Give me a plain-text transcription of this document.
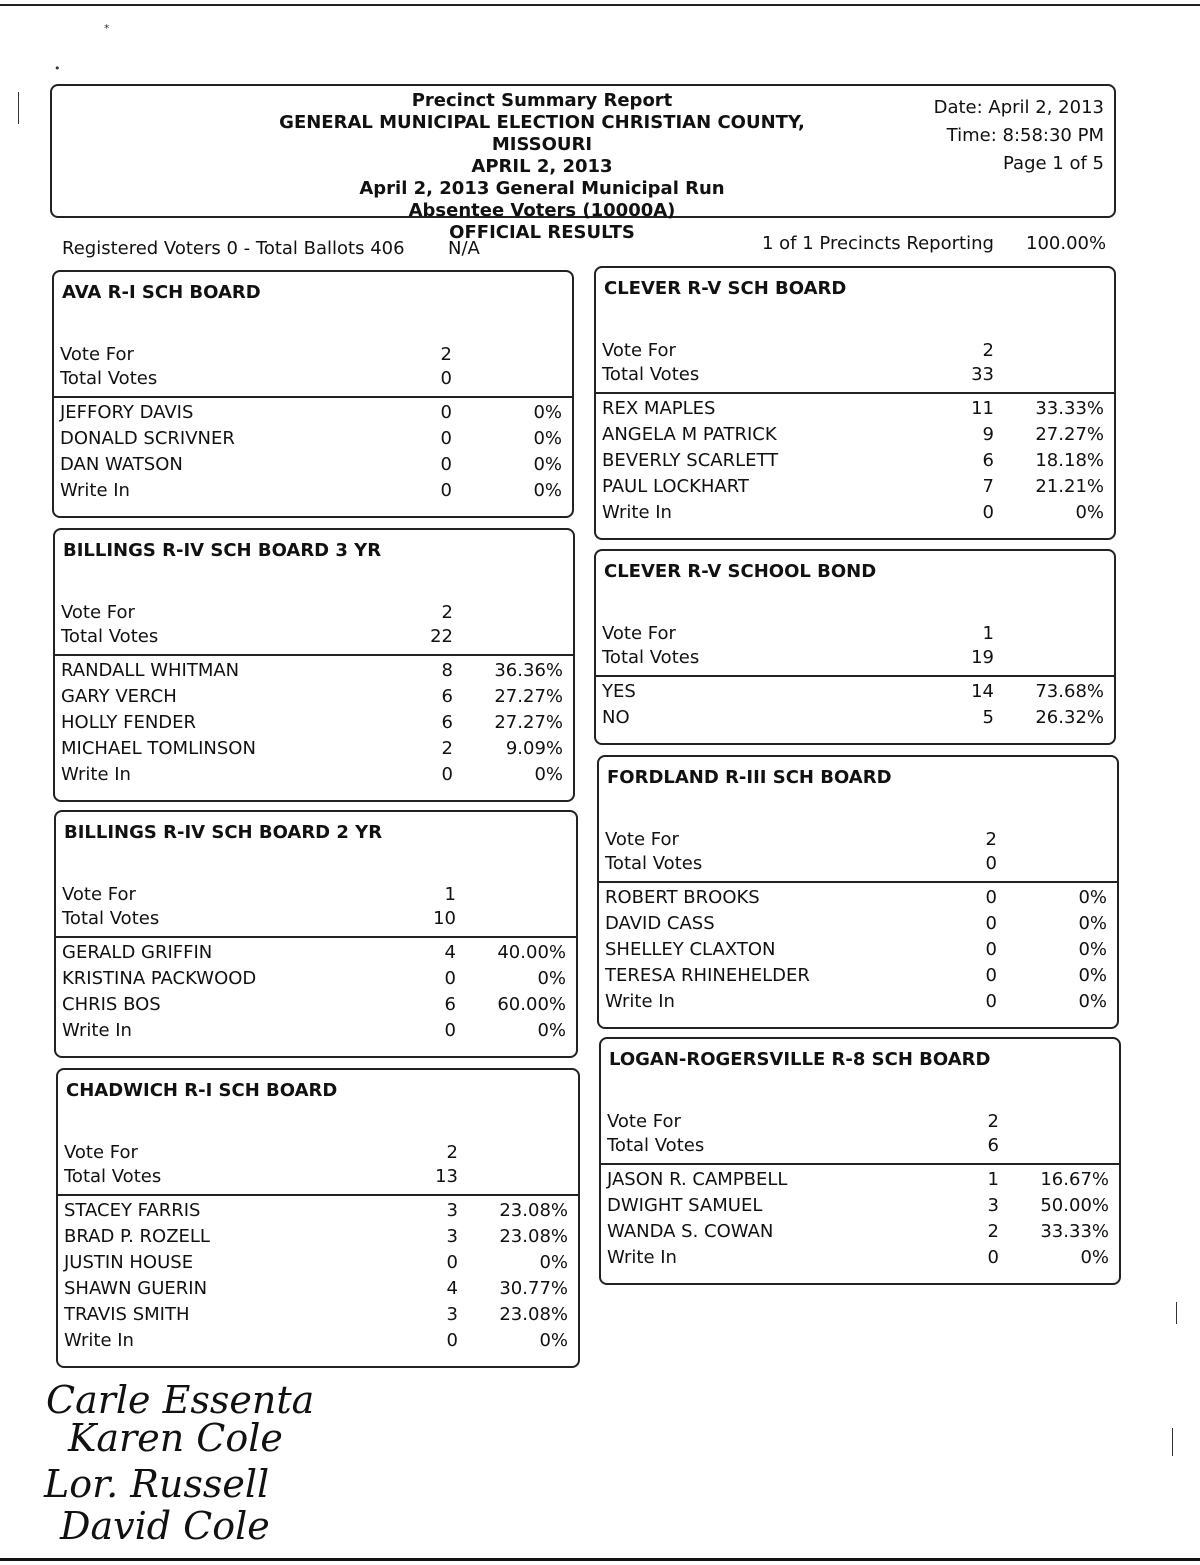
*
•
Precinct Summary Report
GENERAL MUNICIPAL ELECTION CHRISTIAN COUNTY, MISSOURI
APRIL 2, 2013
April 2, 2013 General Municipal Run
Absentee Voters (10000A)
OFFICIAL RESULTS
Date: April 2, 2013
Time: 8:58:30 PM
Page 1 of 5
Registered Voters 0 - Total Ballots 406 N/A	1 of 1 Precincts Reporting 100.00%
AVA R-I SCH BOARD
Vote For	2
Total Votes	0
JEFFORY DAVIS	0	0%
DONALD SCRIVNER	0	0%
DAN WATSON	0	0%
Write In	0	0%
BILLINGS R-IV SCH BOARD 3 YR
Vote For	2
Total Votes	22
RANDALL WHITMAN	8 36.36%
GARY VERCH	6 27.27%
HOLLY FENDER	6 27.27%
MICHAEL TOMLINSON	2	9.09%
Write In	0	0%
BILLINGS R-IV SCH BOARD 2 YR
Vote For	1
Total Votes	10
GERALD GRIFFIN	4 40.00%
KRISTINA PACKWOOD	0	0%
CHRIS BOS	6 60.00%
Write In	0	0%
CHADWICH R-I SCH BOARD
Vote For	2
Total Votes	13
STACEY FARRIS	3 23.08%
BRAD P. ROZELL	3 23.08%
JUSTIN HOUSE	0	0%
SHAWN GUERIN	4 30.77%
TRAVIS SMITH	3 23.08%
Write In	0	0%
CLEVER R-V SCH BOARD
Vote For	2
Total Votes	33
REX MAPLES	11 33.33%
ANGELA M PATRICK	9 27.27%
BEVERLY SCARLETT	6 18.18%
PAUL LOCKHART	7 21.21%
Write In	0	0%
CLEVER R-V SCHOOL BOND
Vote For	1
Total Votes	19
YES	14 73.68%
NO	5 26.32%
FORDLAND R-III SCH BOARD
Vote For	2
Total Votes	0
ROBERT BROOKS	0	0%
DAVID CASS	0	0%
SHELLEY CLAXTON	0	0%
TERESA RHINEHELDER	0	0%
Write In	0	0%
LOGAN-ROGERSVILLE R-8 SCH BOARD
Vote For	2
Total Votes	6
JASON R. CAMPBELL	1 16.67%
DWIGHT SAMUEL	3 50.00%
WANDA S. COWAN	2 33.33%
Write In	0	0%
Carle Essenta
Karen Cole
Lor. Russell
David Cole
